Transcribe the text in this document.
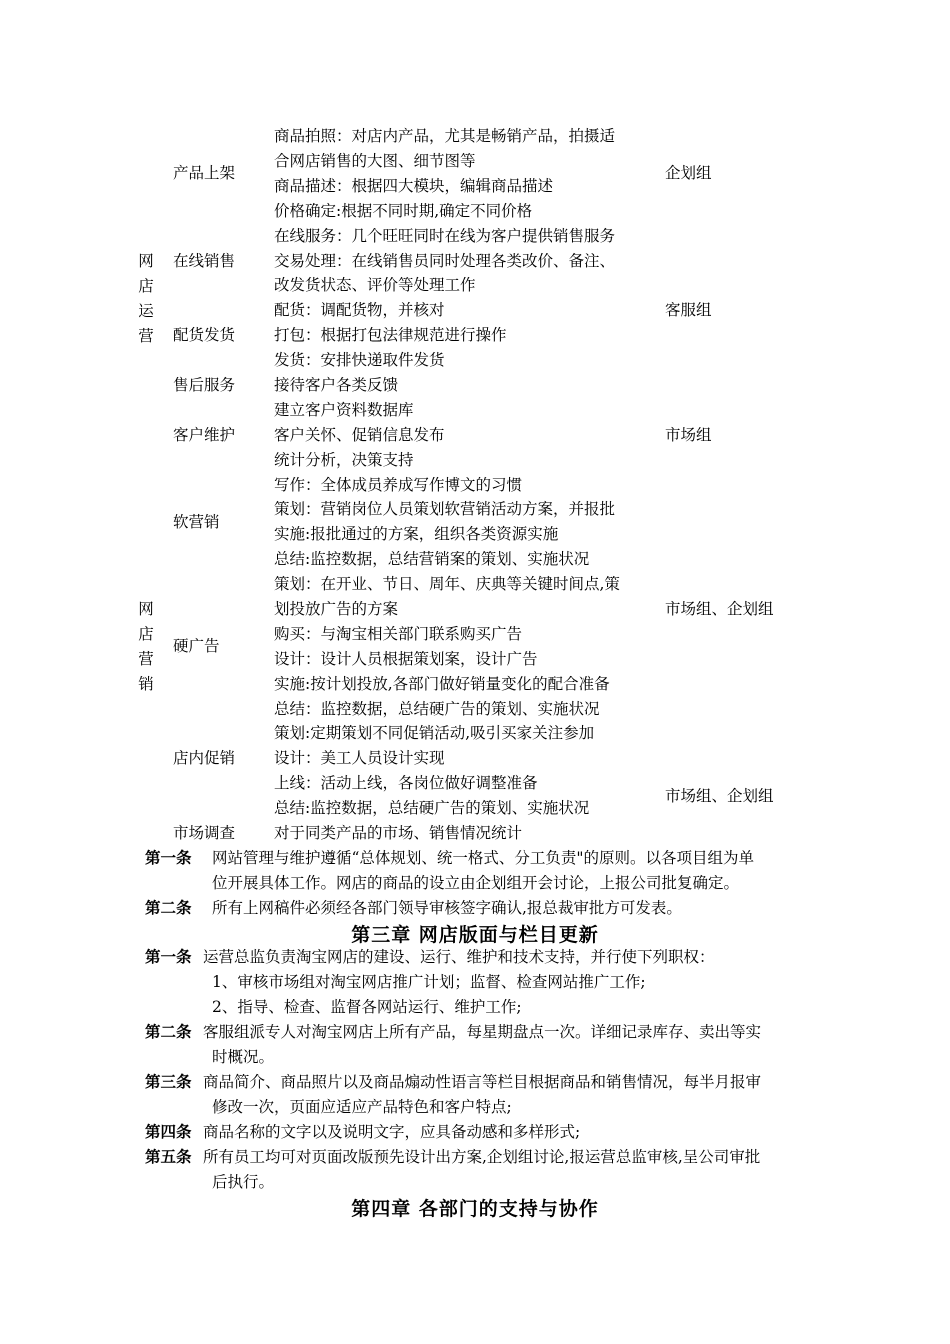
网
店
运
营
网
店
营
销
产品上架
在线销售
配货发货
售后服务
客户维护
软营销
硬广告
店内促销
市场调查
商品拍照：对店内产品，尤其是畅销产品，拍摄适
合网店销售的大图、细节图等
商品描述：根据四大模块，编辑商品描述
价格确定:根据不同时期,确定不同价格
在线服务：几个旺旺同时在线为客户提供销售服务
交易处理：在线销售员同时处理各类改价、备注、
改发货状态、评价等处理工作
配货：调配货物，并核对
打包：根据打包法律规范进行操作
发货：安排快递取件发货
接待客户各类反馈
建立客户资料数据库
客户关怀、促销信息发布
统计分析，决策支持
写作：全体成员养成写作博文的习惯
策划：营销岗位人员策划软营销活动方案，并报批
实施:报批通过的方案，组织各类资源实施
总结:监控数据，总结营销案的策划、实施状况
策划：在开业、节日、周年、庆典等关键时间点,策
划投放广告的方案
购买：与淘宝相关部门联系购买广告
设计：设计人员根据策划案，设计广告
实施:按计划投放,各部门做好销量变化的配合准备
总结：监控数据，总结硬广告的策划、实施状况
策划:定期策划不同促销活动,吸引买家关注参加
设计：美工人员设计实现
上线：活动上线，各岗位做好调整准备
总结:监控数据，总结硬广告的策划、实施状况
对于同类产品的市场、销售情况统计
企划组
客服组
市场组
市场组、企划组
市场组、企划组
第一条 网站管理与维护遵循“总体规划、统一格式、分工负责"的原则。以各项目组为单
位开展具体工作。网店的商品的设立由企划组开会讨论，上报公司批复确定。
第二条 所有上网稿件必须经各部门领导审核签字确认,报总裁审批方可发表。
第三章 网店版面与栏目更新
第一条 运营总监负责淘宝网店的建设、运行、维护和技术支持，并行使下列职权：
1、审核市场组对淘宝网店推广计划；监督、检查网站推广工作;
2、指导、检查、监督各网站运行、维护工作;
第二条 客服组派专人对淘宝网店上所有产品，每星期盘点一次。详细记录库存、卖出等实
时概况。
第三条 商品简介、商品照片以及商品煽动性语言等栏目根据商品和销售情况，每半月报审
修改一次，页面应适应产品特色和客户特点;
第四条 商品名称的文字以及说明文字，应具备动感和多样形式;
第五条 所有员工均可对页面改版预先设计出方案,企划组讨论,报运营总监审核,呈公司审批
后执行。
第四章 各部门的支持与协作
